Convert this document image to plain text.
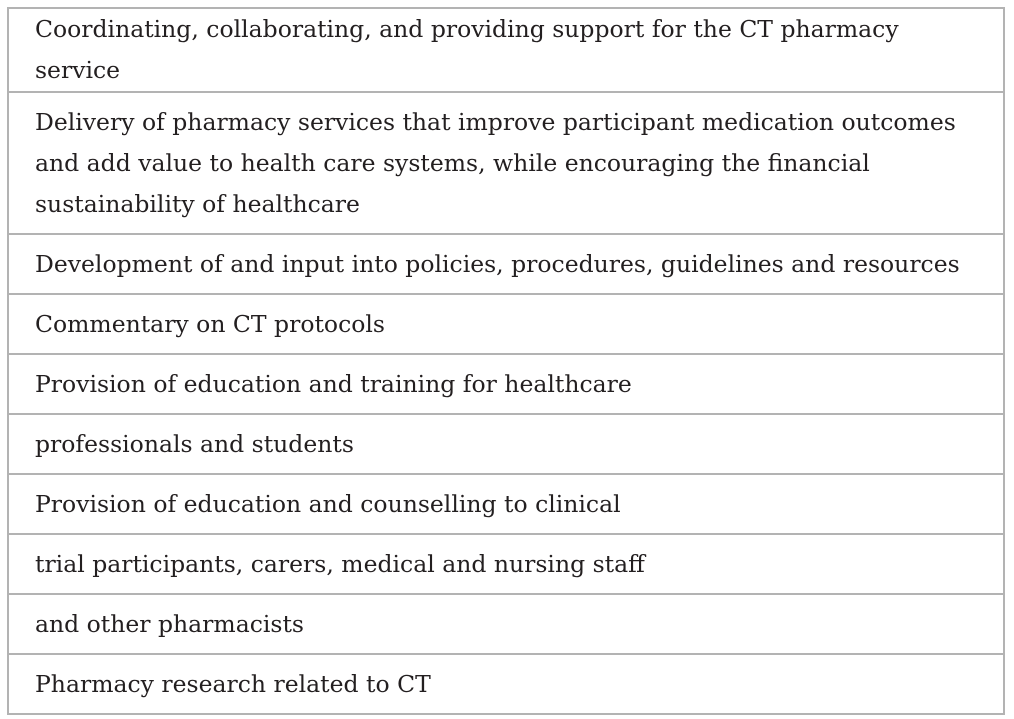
Coordinating, collaborating, and providing support for the CT pharmacy service
Delivery of pharmacy services that improve participant medication outcomes and add value to health care systems, while encouraging the financial sustainability of healthcare
Development of and input into policies, procedures, guidelines and resources
Commentary on CT protocols
Provision of education and training for healthcare
professionals and students
Provision of education and counselling to clinical
trial participants, carers, medical and nursing staff
and other pharmacists
Pharmacy research related to CT
